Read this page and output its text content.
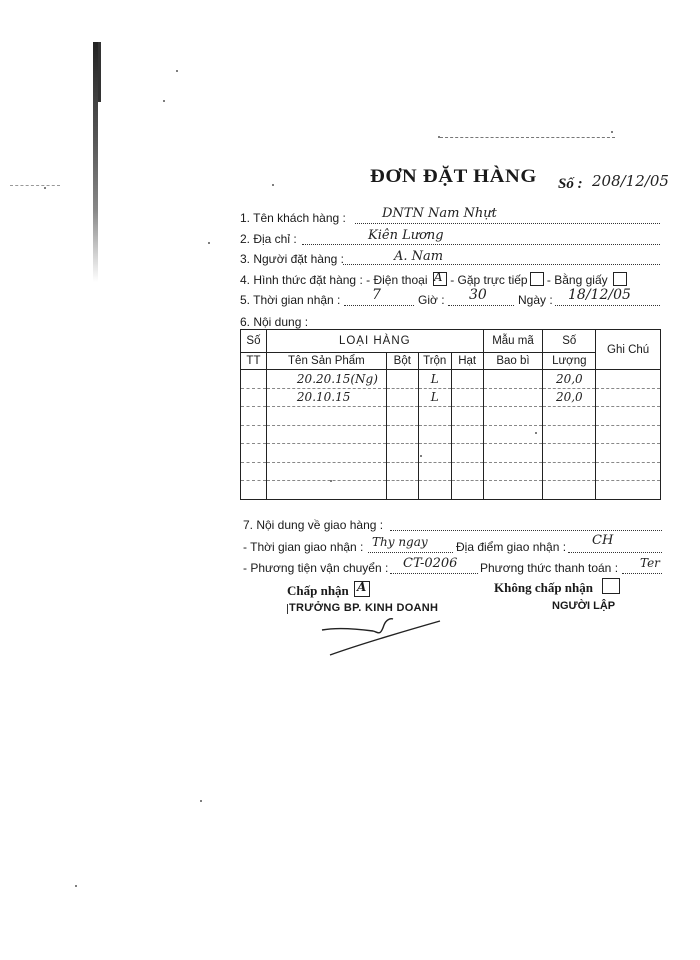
ĐƠN ĐẶT HÀNG Số : 208/12/05
1. Tên khách hàng :	DNTN Nam Nhựt
2. Địa chỉ :	Kiên Lương
3. Người đặt hàng :	A. Nam
4. Hình thức đặt hàng : - Điện thoại A - Gặp trực tiếp - Bằng giấy
5. Thời gian nhận : 7	Giờ : 30	Ngày : 18/12/05
6. Nội dung :
Số	LOẠI HÀNG				Mẫu mã	Số	Ghi Chú
TT	Tên Sản Phẩm	Bột	Trộn	Hạt	Bao bì	Lượng	
	20.20.15(Ng)		L			20,0	
	20.10.15		L			20,0	

7. Nội dung về giao hàng :
- Thời gian giao nhận : Thy ngay Địa điểm giao nhận : CH
- Phương tiện vận chuyển : CT-0206 Phương thức thanh toán : Ter
Chấp nhận A	Không chấp nhận
TRƯỞNG BP. KINH DOANH	NGƯỜI LẬP
